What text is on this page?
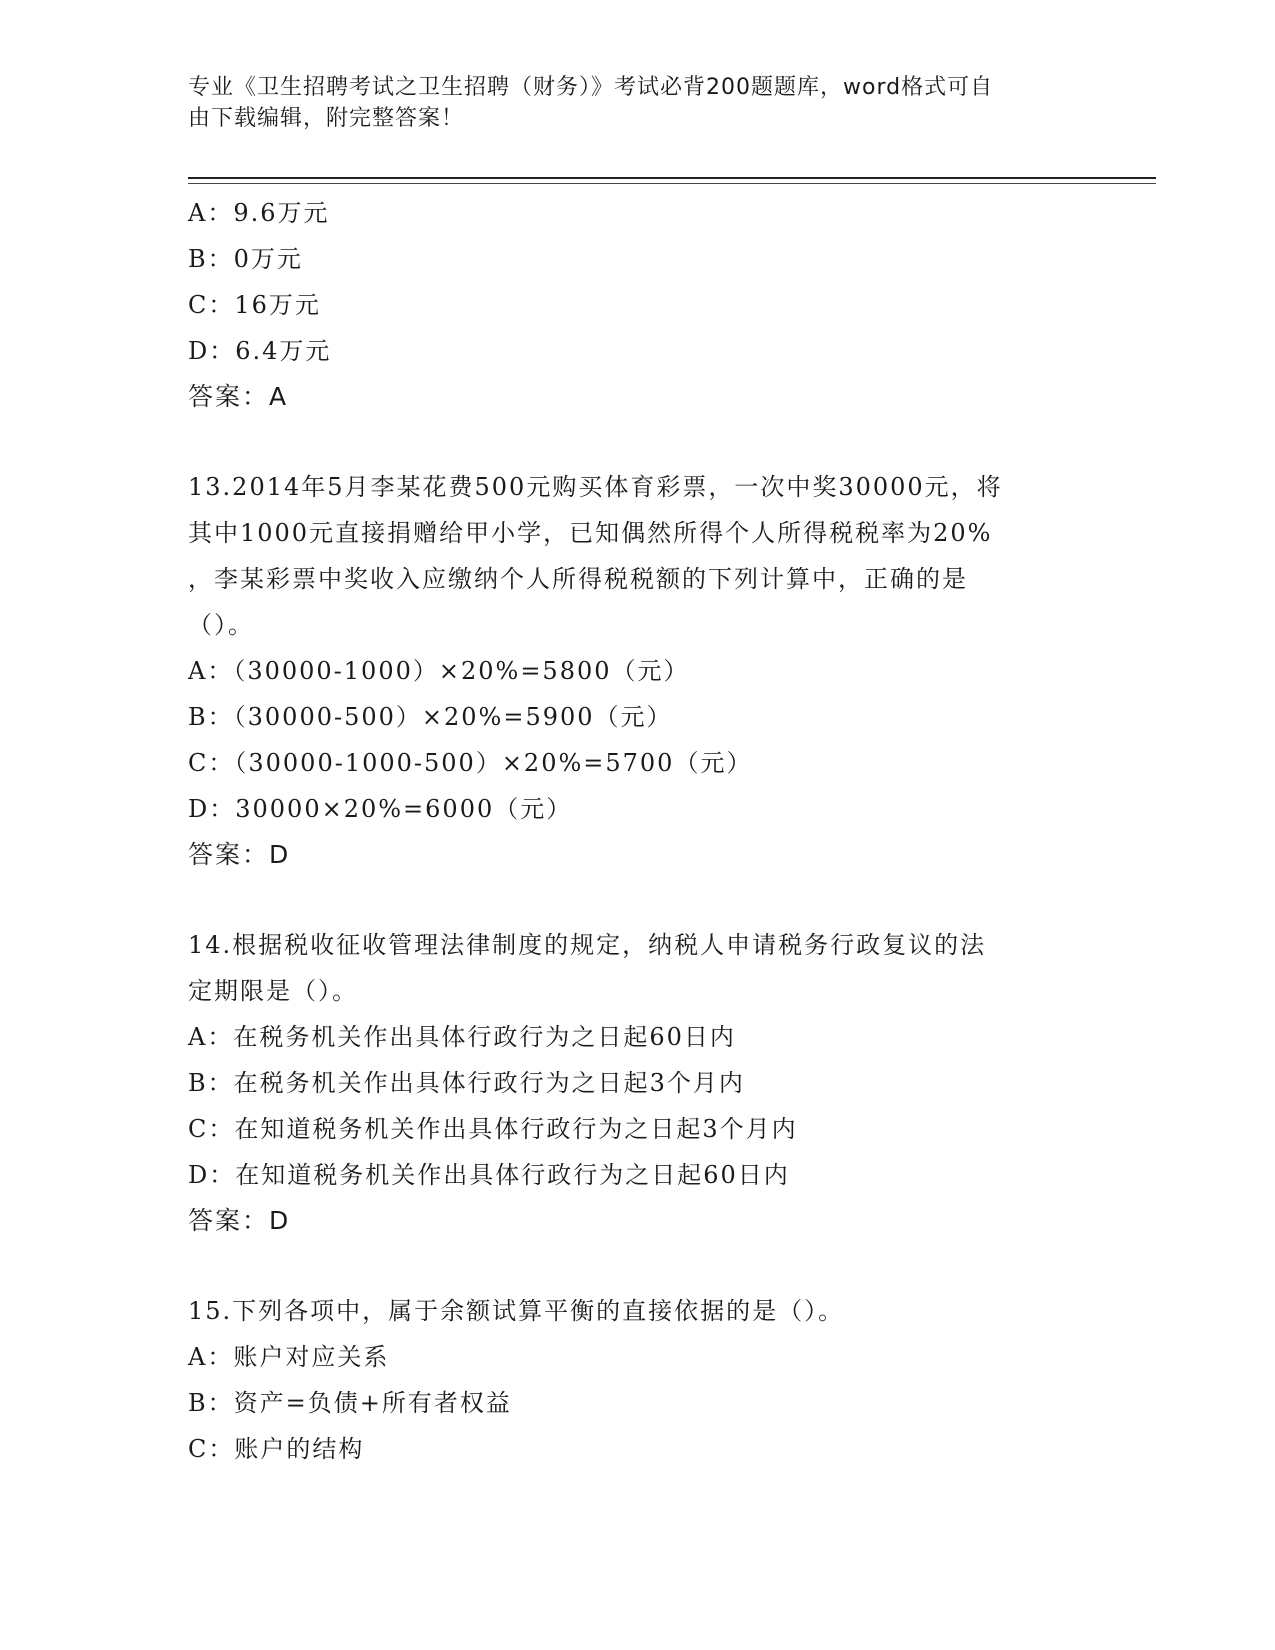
专业《卫生招聘考试之卫生招聘（财务）》考试必背200题题库，word格式可自
由下载编辑，附完整答案！

A：9.6万元

B：0万元

C：16万元

D：6.4万元

答案：A

13.2014年5月李某花费500元购买体育彩票，一次中奖30000元，将

其中1000元直接捐赠给甲小学，已知偶然所得个人所得税税率为20%

，李某彩票中奖收入应缴纳个人所得税税额的下列计算中，正确的是

（）。

A：（30000-1000）×20%=5800（元）

B：（30000-500）×20%=5900（元）

C：（30000-1000-500）×20%=5700（元）

D：30000×20%=6000（元）

答案：D

14.根据税收征收管理法律制度的规定，纳税人申请税务行政复议的法

定期限是（）。

A：在税务机关作出具体行政行为之日起60日内

B：在税务机关作出具体行政行为之日起3个月内

C：在知道税务机关作出具体行政行为之日起3个月内

D：在知道税务机关作出具体行政行为之日起60日内

答案：D

15.下列各项中，属于余额试算平衡的直接依据的是（）。

A：账户对应关系

B：资产=负债+所有者权益

C：账户的结构
